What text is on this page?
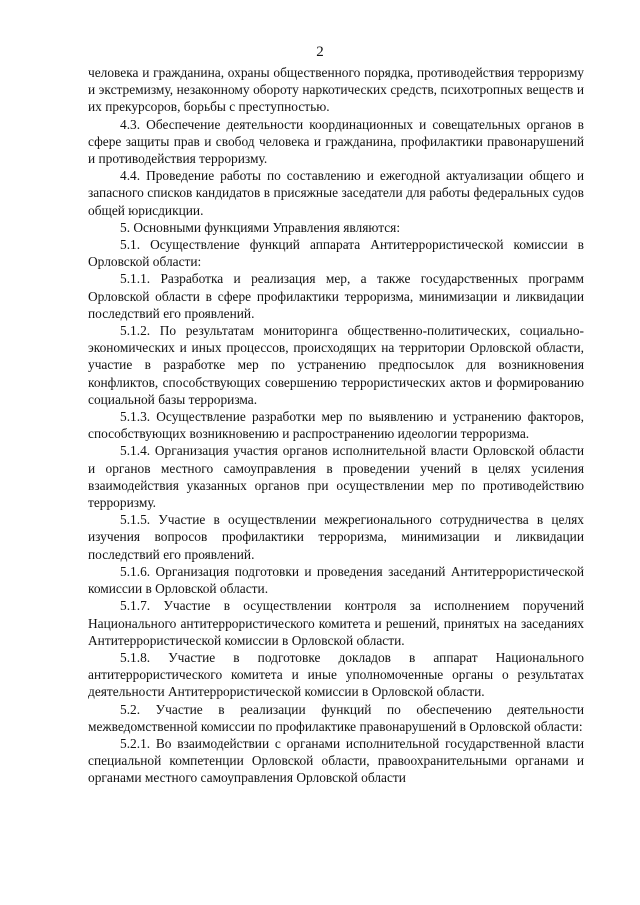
2

человека и гражданина, охраны общественного порядка, противодействия терроризму и экстремизму, незаконному обороту наркотических средств, психотропных веществ и их прекурсоров, борьбы с преступностью.

4.3. Обеспечение деятельности координационных и совещательных органов в сфере защиты прав и свобод человека и гражданина, профилактики правонарушений и противодействия терроризму.

4.4. Проведение работы по составлению и ежегодной актуализации общего и запасного списков кандидатов в присяжные заседатели для работы федеральных судов общей юрисдикции.

5. Основными функциями Управления являются:

5.1. Осуществление функций аппарата Антитеррористической комиссии в Орловской области:

5.1.1. Разработка и реализация мер, а также государственных программ Орловской области в сфере профилактики терроризма, минимизации и ликвидации последствий его проявлений.

5.1.2. По результатам мониторинга общественно-политических, социально-экономических и иных процессов, происходящих на территории Орловской области, участие в разработке мер по устранению предпосылок для возникновения конфликтов, способствующих совершению террористических актов и формированию социальной базы терроризма.

5.1.3. Осуществление разработки мер по выявлению и устранению факторов, способствующих возникновению и распространению идеологии терроризма.

5.1.4. Организация участия органов исполнительной власти Орловской области и органов местного самоуправления в проведении учений в целях усиления взаимодействия указанных органов при осуществлении мер по противодействию терроризму.

5.1.5. Участие в осуществлении межрегионального сотрудничества в целях изучения вопросов профилактики терроризма, минимизации и ликвидации последствий его проявлений.

5.1.6. Организация подготовки и проведения заседаний Антитеррористической комиссии в Орловской области.

5.1.7. Участие в осуществлении контроля за исполнением поручений Национального антитеррористического комитета и решений, принятых на заседаниях Антитеррористической комиссии в Орловской области.

5.1.8. Участие в подготовке докладов в аппарат Национального антитеррористического комитета и иные уполномоченные органы о результатах деятельности Антитеррористической комиссии в Орловской области.

5.2. Участие в реализации функций по обеспечению деятельности межведомственной комиссии по профилактике правонарушений в Орловской области:

5.2.1. Во взаимодействии с органами исполнительной государственной власти специальной компетенции Орловской области, правоохранительными органами и органами местного самоуправления Орловской области
